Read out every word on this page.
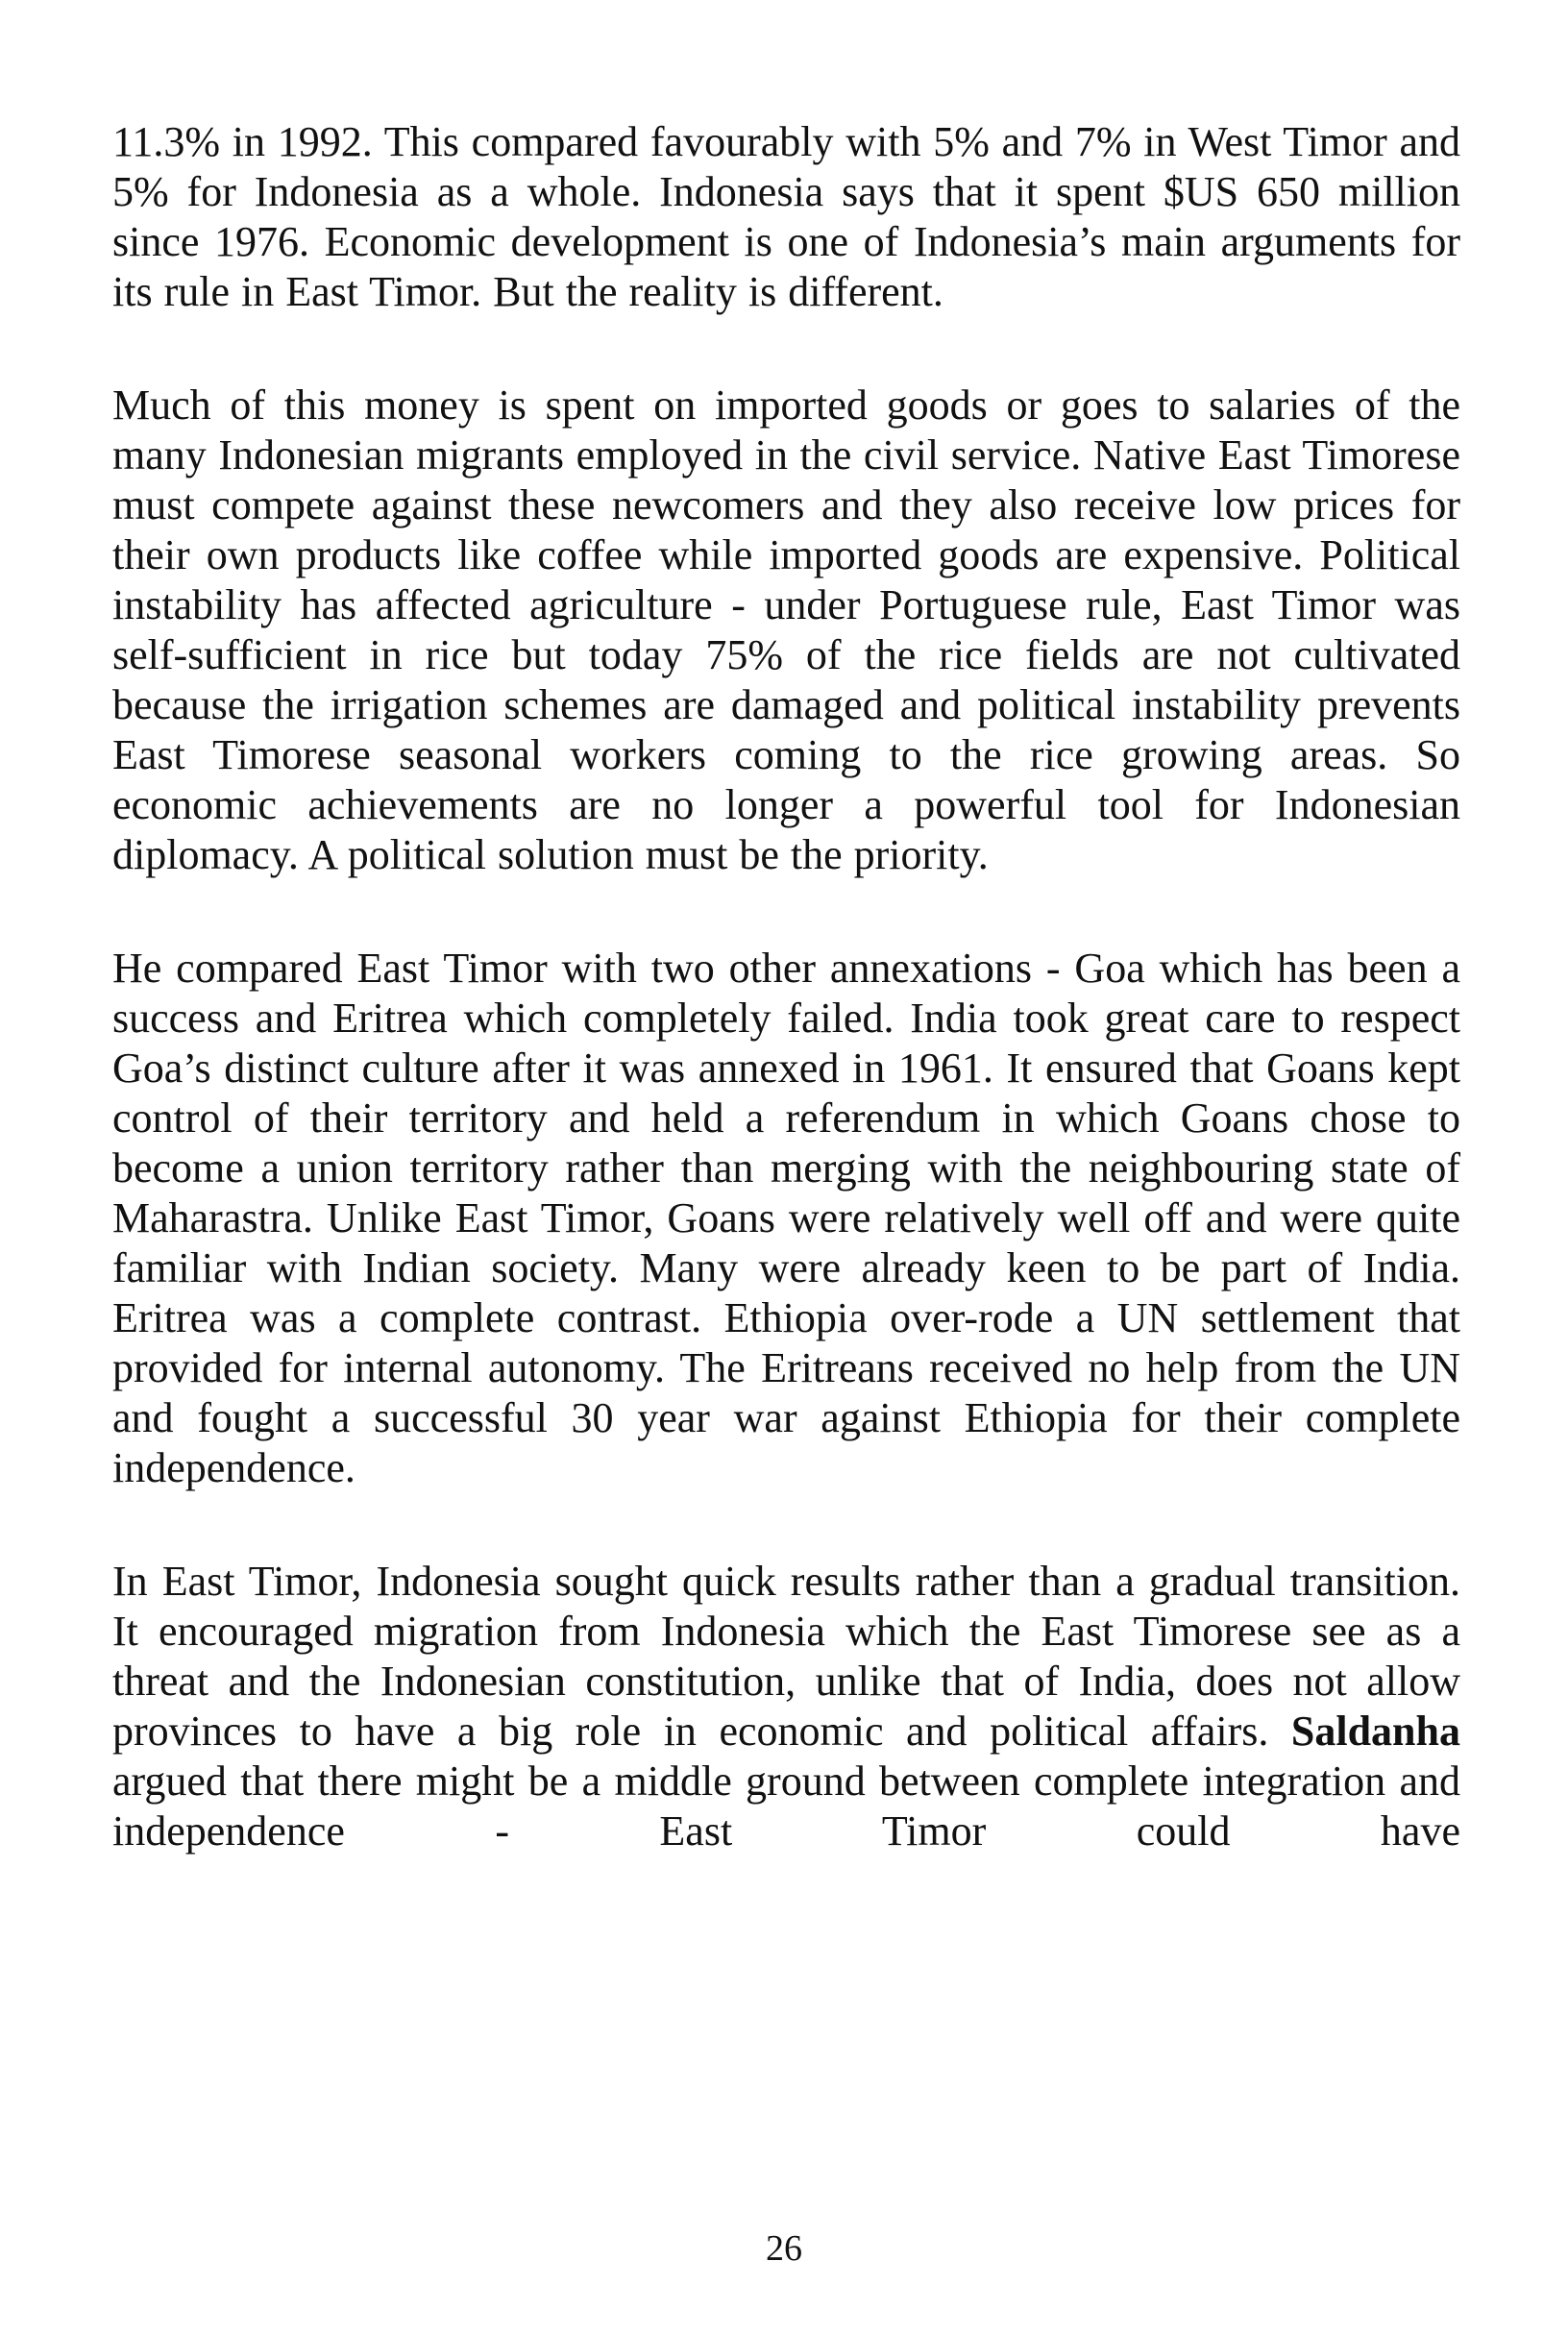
11.3% in 1992. This compared favourably with 5% and 7% in West Timor and 5% for Indonesia as a whole. Indonesia says that it spent $US 650 million since 1976. Economic development is one of Indonesia’s main arguments for its rule in East Timor. But the reality is different.

Much of this money is spent on imported goods or goes to salaries of the many Indonesian migrants employed in the civil service. Native East Timorese must compete against these newcomers and they also receive low prices for their own products like coffee while imported goods are expensive. Political instability has affected agriculture - under Portuguese rule, East Timor was self-sufficient in rice but today 75% of the rice fields are not cultivated because the irrigation schemes are damaged and political instability prevents East Timorese seasonal workers coming to the rice growing areas. So economic achievements are no longer a powerful tool for Indonesian diplomacy. A political solution must be the priority.

He compared East Timor with two other annexations - Goa which has been a success and Eritrea which completely failed. India took great care to respect Goa’s distinct culture after it was annexed in 1961. It ensured that Goans kept control of their territory and held a referendum in which Goans chose to become a union territory rather than merging with the neighbouring state of Maharastra. Unlike East Timor, Goans were relatively well off and were quite familiar with Indian society. Many were already keen to be part of India. Eritrea was a complete contrast. Ethiopia over-rode a UN settlement that provided for internal autonomy. The Eritreans received no help from the UN and fought a successful 30 year war against Ethiopia for their complete independence.

In East Timor, Indonesia sought quick results rather than a gradual transition. It encouraged migration from Indonesia which the East Timorese see as a threat and the Indonesian constitution, unlike that of India, does not allow provinces to have a big role in economic and political affairs. Saldanha argued that there might be a middle ground between complete integration and independence - East Timor could have

26
